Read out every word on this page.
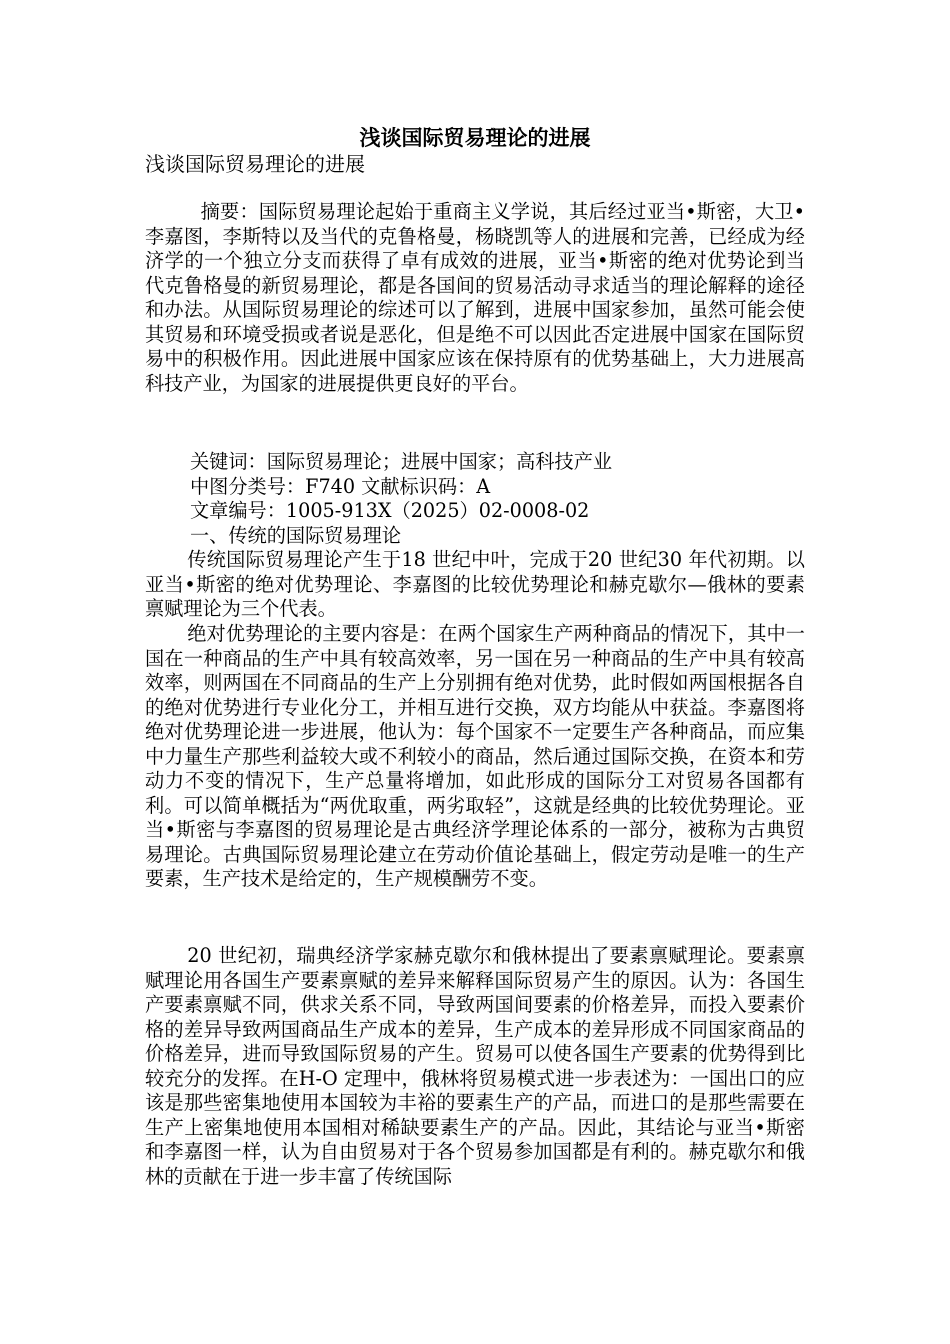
浅谈国际贸易理论的进展

浅谈国际贸易理论的进展

摘要：国际贸易理论起始于重商主义学说，其后经过亚当•斯密，大卫•李嘉图，李斯特以及当代的克鲁格曼，杨晓凯等人的进展和完善，已经成为经济学的一个独立分支而获得了卓有成效的进展，亚当•斯密的绝对优势论到当代克鲁格曼的新贸易理论，都是各国间的贸易活动寻求适当的理论解释的途径和办法。从国际贸易理论的综述可以了解到，进展中国家参加，虽然可能会使其贸易和环境受损或者说是恶化，但是绝不可以因此否定进展中国家在国际贸易中的积极作用。因此进展中国家应该在保持原有的优势基础上，大力进展高科技产业，为国家的进展提供更良好的平台。

关键词：国际贸易理论；进展中国家；高科技产业

中图分类号：F740 文献标识码：A

文章编号：1005-913X（2025）02-0008-02

一、传统的国际贸易理论

传统国际贸易理论产生于18 世纪中叶，完成于20 世纪30 年代初期。以亚当•斯密的绝对优势理论、李嘉图的比较优势理论和赫克歇尔—俄林的要素禀赋理论为三个代表。

绝对优势理论的主要内容是：在两个国家生产两种商品的情况下，其中一国在一种商品的生产中具有较高效率，另一国在另一种商品的生产中具有较高效率，则两国在不同商品的生产上分别拥有绝对优势，此时假如两国根据各自的绝对优势进行专业化分工，并相互进行交换，双方均能从中获益。李嘉图将绝对优势理论进一步进展，他认为：每个国家不一定要生产各种商品，而应集中力量生产那些利益较大或不利较小的商品，然后通过国际交换，在资本和劳动力不变的情况下，生产总量将增加，如此形成的国际分工对贸易各国都有利。可以简单概括为“两优取重，两劣取轻”，这就是经典的比较优势理论。亚当•斯密与李嘉图的贸易理论是古典经济学理论体系的一部分，被称为古典贸易理论。古典国际贸易理论建立在劳动价值论基础上，假定劳动是唯一的生产要素，生产技术是给定的，生产规模酬劳不变。

20 世纪初，瑞典经济学家赫克歇尔和俄林提出了要素禀赋理论。要素禀赋理论用各国生产要素禀赋的差异来解释国际贸易产生的原因。认为：各国生产要素禀赋不同，供求关系不同，导致两国间要素的价格差异，而投入要素价格的差异导致两国商品生产成本的差异，生产成本的差异形成不同国家商品的价格差异，进而导致国际贸易的产生。贸易可以使各国生产要素的优势得到比较充分的发挥。在H-O 定理中，俄林将贸易模式进一步表述为：一国出口的应该是那些密集地使用本国较为丰裕的要素生产的产品，而进口的是那些需要在生产上密集地使用本国相对稀缺要素生产的产品。因此，其结论与亚当•斯密和李嘉图一样，认为自由贸易对于各个贸易参加国都是有利的。赫克歇尔和俄林的贡献在于进一步丰富了传统国际
